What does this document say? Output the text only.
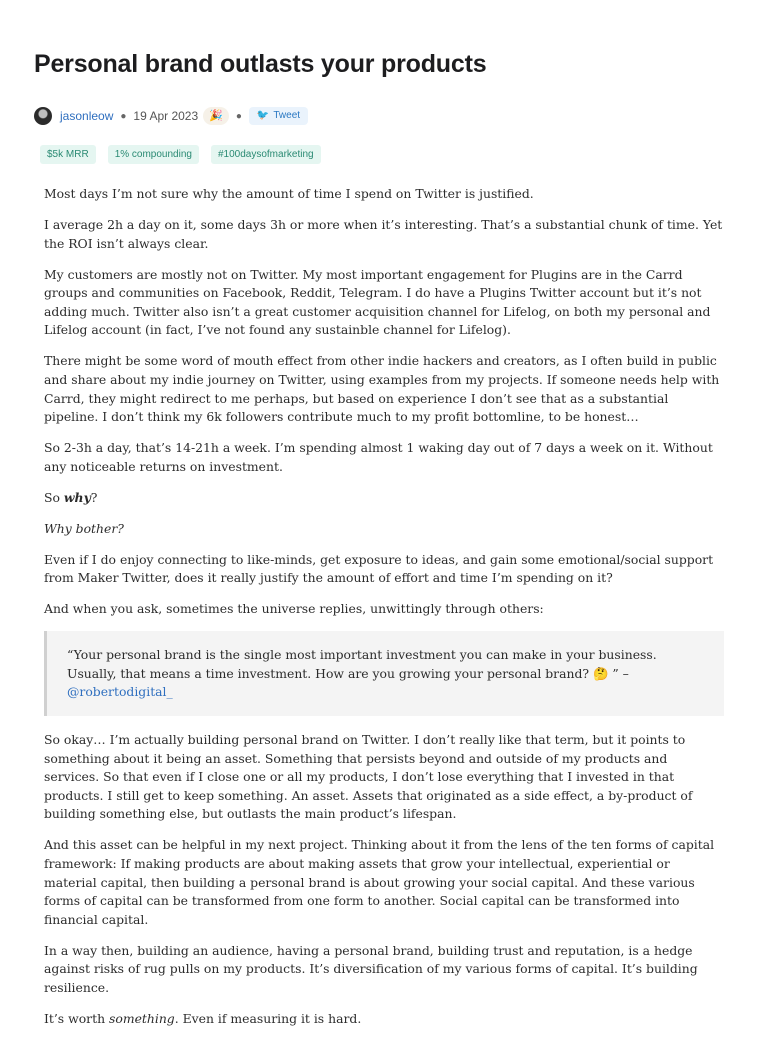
Personal brand outlasts your products
jasonleow ● 19 Apr 2023	🎉	● 🐦 Tweet
$5k MRR	1% compounding	#100daysofmarketing

Most days I’m not sure why the amount of time I spend on Twitter is justified.

I average 2h a day on it, some days 3h or more when it’s interesting. That’s a substantial chunk of time. Yet the ROI isn’t always clear.

My customers are mostly not on Twitter. My most important engagement for Plugins are in the Carrd groups and communities on Facebook, Reddit, Telegram. I do have a Plugins Twitter account but it’s not adding much. Twitter also isn’t a great customer acquisition channel for Lifelog, on both my personal and Lifelog account (in fact, I’ve not found any sustainble channel for Lifelog).

There might be some word of mouth effect from other indie hackers and creators, as I often build in public and share about my indie journey on Twitter, using examples from my projects. If someone needs help with Carrd, they might redirect to me perhaps, but based on experience I don’t see that as a substantial pipeline. I don’t think my 6k followers contribute much to my profit bottomline, to be honest…

So 2-3h a day, that’s 14-21h a week. I’m spending almost 1 waking day out of 7 days a week on it. Without any noticeable returns on investment.

So why?

Why bother?

Even if I do enjoy connecting to like-minds, get exposure to ideas, and gain some emotional/social support from Maker Twitter, does it really justify the amount of effort and time I’m spending on it?

And when you ask, sometimes the universe replies, unwittingly through others:

“Your personal brand is the single most important investment you can make in your business. Usually, that means a time investment. How are you growing your personal brand? 🤔 ” – @robertodigital_

So okay… I’m actually building personal brand on Twitter. I don’t really like that term, but it points to something about it being an asset. Something that persists beyond and outside of my products and services. So that even if I close one or all my products, I don’t lose everything that I invested in that products. I still get to keep something. An asset. Assets that originated as a side effect, a by-product of building something else, but outlasts the main product’s lifespan.

And this asset can be helpful in my next project. Thinking about it from the lens of the ten forms of capital framework: If making products are about making assets that grow your intellectual, experiential or material capital, then building a personal brand is about growing your social capital. And these various forms of capital can be transformed from one form to another. Social capital can be transformed into financial capital.

In a way then, building an audience, having a personal brand, building trust and reputation, is a hedge against risks of rug pulls on my products. It’s diversification of my various forms of capital. It’s building resilience.

It’s worth something. Even if measuring it is hard.
